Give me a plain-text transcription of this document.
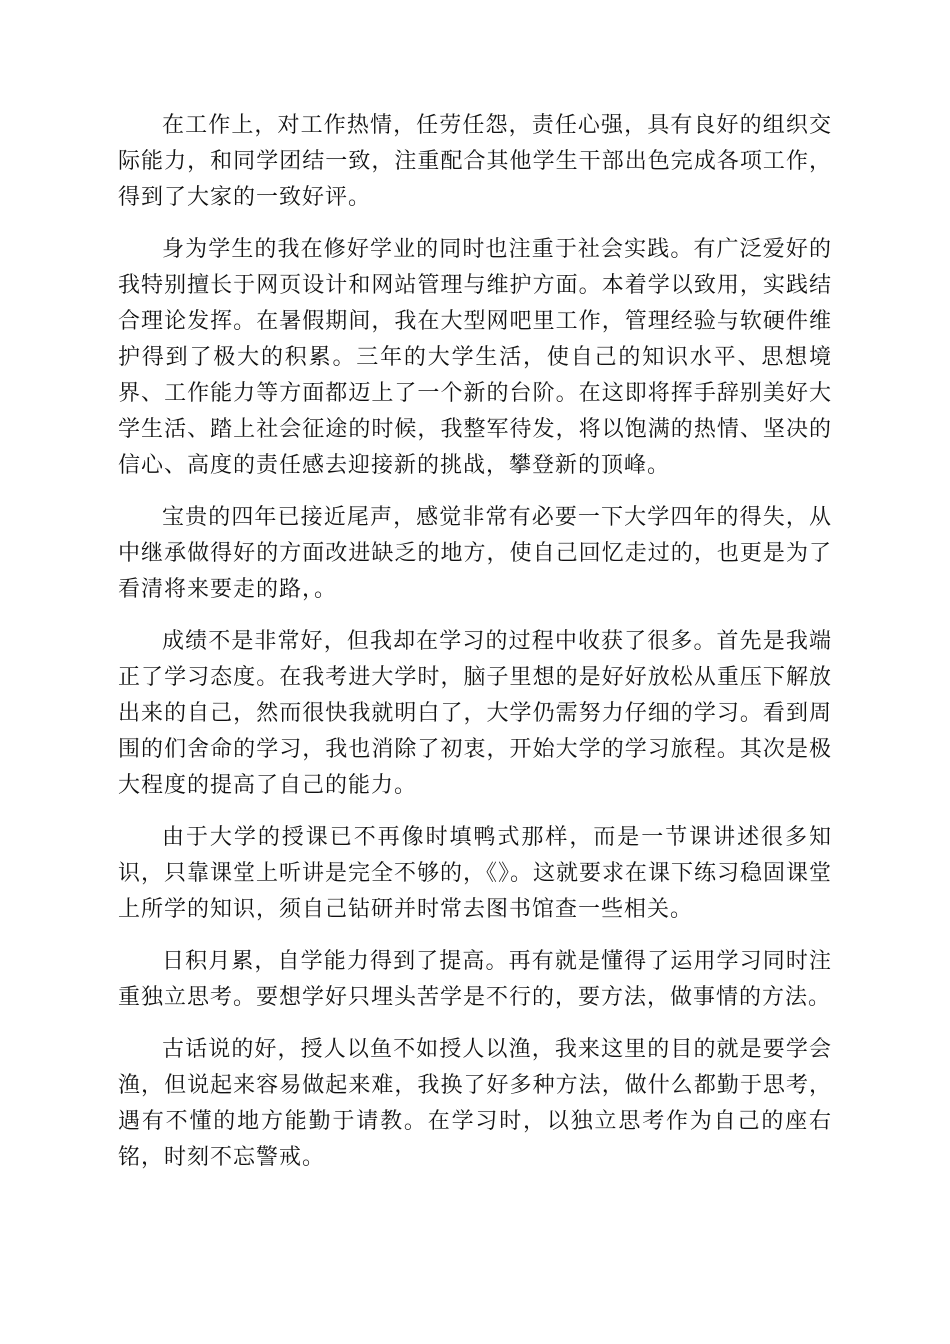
在工作上，对工作热情，任劳任怨，责任心强，具有良好的组织交际能力，和同学团结一致，注重配合其他学生干部出色完成各项工作，得到了大家的一致好评。

身为学生的我在修好学业的同时也注重于社会实践。有广泛爱好的我特别擅长于网页设计和网站管理与维护方面。本着学以致用，实践结合理论发挥。在暑假期间，我在大型网吧里工作，管理经验与软硬件维护得到了极大的积累。三年的大学生活，使自己的知识水平、思想境界、工作能力等方面都迈上了一个新的台阶。在这即将挥手辞别美好大学生活、踏上社会征途的时候，我整军待发，将以饱满的热情、坚决的信心、高度的责任感去迎接新的挑战，攀登新的顶峰。

宝贵的四年已接近尾声，感觉非常有必要一下大学四年的得失，从中继承做得好的方面改进缺乏的地方，使自己回忆走过的，也更是为了看清将来要走的路，。

成绩不是非常好，但我却在学习的过程中收获了很多。首先是我端正了学习态度。在我考进大学时，脑子里想的是好好放松从重压下解放出来的自己，然而很快我就明白了，大学仍需努力仔细的学习。看到周围的们舍命的学习，我也消除了初衷，开始大学的学习旅程。其次是极大程度的提高了自己的能力。

由于大学的授课已不再像时填鸭式那样，而是一节课讲述很多知识，只靠课堂上听讲是完全不够的，《》。这就要求在课下练习稳固课堂上所学的知识，须自己钻研并时常去图书馆查一些相关。

日积月累，自学能力得到了提高。再有就是懂得了运用学习同时注重独立思考。要想学好只埋头苦学是不行的，要方法，做事情的方法。

古话说的好，授人以鱼不如授人以渔，我来这里的目的就是要学会渔，但说起来容易做起来难，我换了好多种方法，做什么都勤于思考，遇有不懂的地方能勤于请教。在学习时，以独立思考作为自己的座右铭，时刻不忘警戒。
